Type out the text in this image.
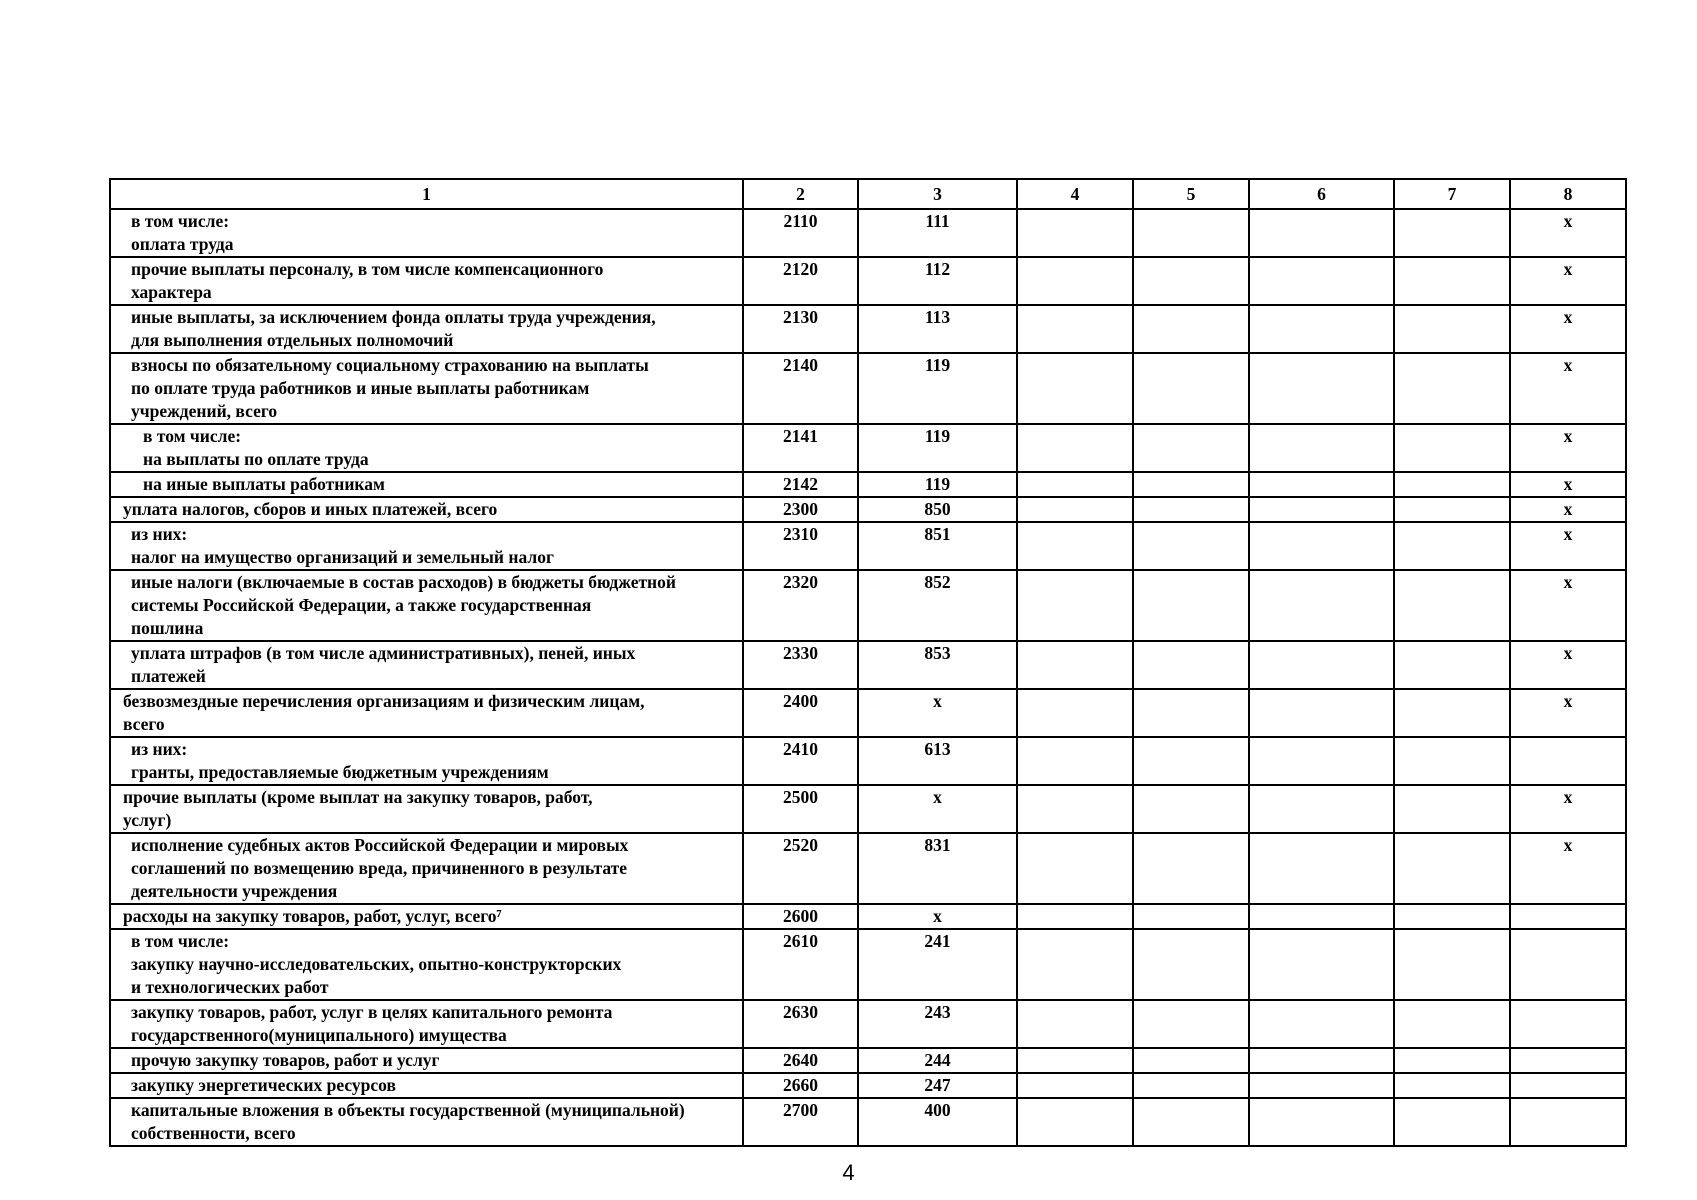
1	2	3	4	5	6	7	8

в том числе:
оплата труда	2110	111					х

прочие выплаты персоналу, в том числе компенсационного
характера	2120	112					х

иные выплаты, за исключением фонда оплаты труда учреждения,
для выполнения отдельных полномочий	2130	113					х

взносы по обязательному социальному страхованию на выплаты
по оплате труда работников и иные выплаты работникам
учреждений, всего	2140	119					х

в том числе:
на выплаты по оплате труда	2141	119					х

на иные выплаты работникам	2142	119					х

уплата налогов, сборов и иных платежей, всего	2300	850					х

из них:
налог на имущество организаций и земельный налог	2310	851					х

иные налоги (включаемые в состав расходов) в бюджеты бюджетной
системы Российской Федерации, а также государственная
пошлина	2320	852					х

уплата штрафов (в том числе административных), пеней, иных
платежей	2330	853					х

безвозмездные перечисления организациям и физическим лицам,
всего	2400	х					х

из них:
гранты, предоставляемые бюджетным учреждениям	2410	613					

прочие выплаты (кроме выплат на закупку товаров, работ,
услуг)	2500	х					х

исполнение судебных актов Российской Федерации и мировых
соглашений по возмещению вреда, причиненного в результате
деятельности учреждения	2520	831					х

расходы на закупку товаров, работ, услуг, всего⁷	2600	х					

в том числе:
закупку научно-исследовательских, опытно-конструкторских
и технологических работ	2610	241					

закупку товаров, работ, услуг в целях капитального ремонта
государственного(муниципального) имущества	2630	243					

прочую закупку товаров, работ и услуг	2640	244					

закупку энергетических ресурсов	2660	247					

капитальные вложения в объекты государственной (муниципальной)
собственности, всего	2700	400					
4
